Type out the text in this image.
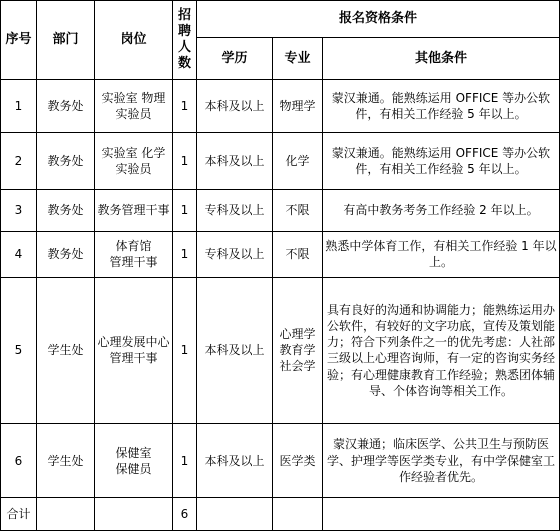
序号	部门	岗位	招
聘
人
数	报名资格条件		
				学历	专业	其他条件
1	教务处	实验室 物理
实验员	1	本科及以上	物理学	蒙汉兼通。能熟练运用 OFFICE 等办公软件，有相关工作经验 5 年以上。
2	教务处	实验室 化学
实验员	1	本科及以上	化学	蒙汉兼通。能熟练运用 OFFICE 等办公软件，有相关工作经验 5 年以上。
3	教务处	教务管理干事	1	专科及以上	不限	有高中教务考务工作经验 2 年以上。
4	教务处	体育馆
管理干事	1	专科及以上	不限	熟悉中学体育工作，有相关工作经验 1 年以上。
5	学生处	心理发展中心
管理干事	1	本科及以上	心理学
教育学
社会学	具有良好的沟通和协调能力；能熟练运用办公软件，有较好的文字功底，宣传及策划能力；符合下列条件之一的优先考虑：人社部三级以上心理咨询师，有一定的咨询实务经验；有心理健康教育工作经验；熟悉团体辅导、个体咨询等相关工作。
6	学生处	保健室
保健员	1	本科及以上	医学类	蒙汉兼通；临床医学、公共卫生与预防医学、护理学等医学类专业，有中学保健室工作经验者优先。
合计			6			
